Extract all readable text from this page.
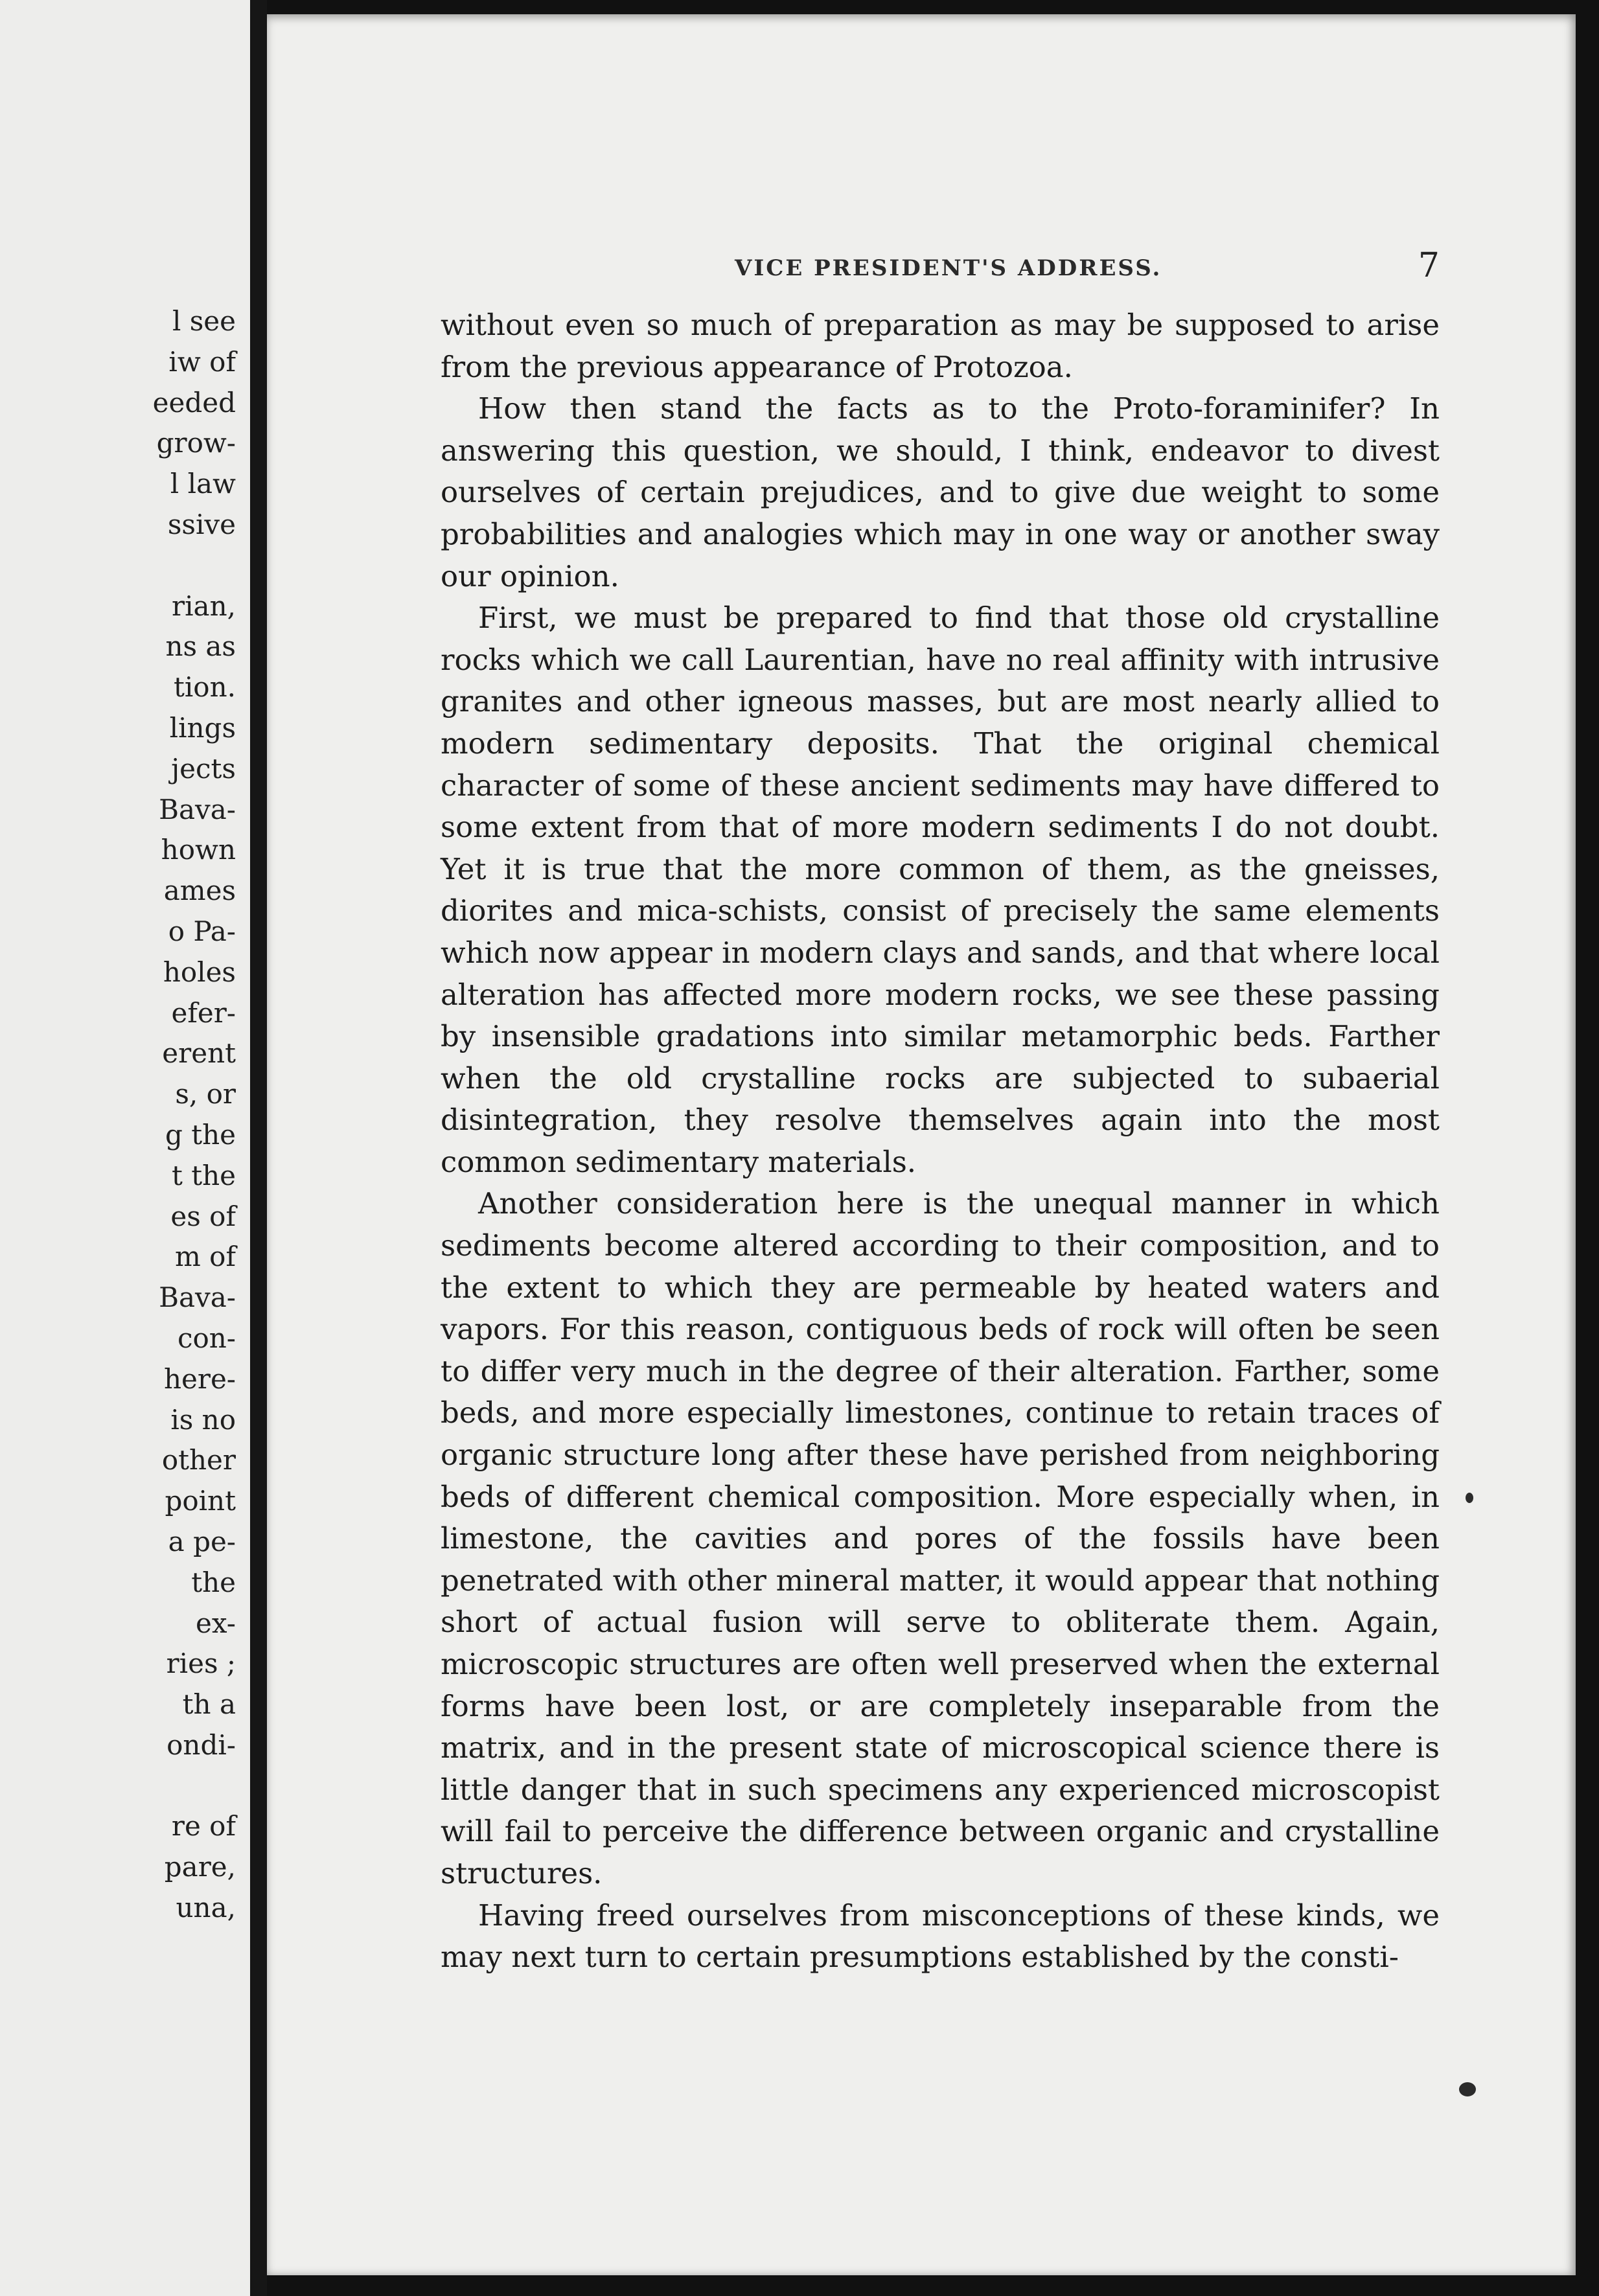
l see
iw of
eeded
grow-
l law
ssive

rian,
ns as
tion.
lings
jects
Bava-
hown
ames
o Pa-
holes
efer-
erent
s, or
g the
t the
es of
m of
Bava-
con-
here-
is no
other
point
a pe-
the
ex-
ries ;
th a
ondi-

re of
pare,
una,
VICE PRESIDENT'S ADDRESS.	7

without even so much of preparation as may be supposed to arise from the previous appearance of Protozoa.

How then stand the facts as to the Proto-foraminifer? In answering this question, we should, I think, endeavor to divest ourselves of certain prejudices, and to give due weight to some probabilities and analogies which may in one way or another sway our opinion.

First, we must be prepared to find that those old crystalline rocks which we call Laurentian, have no real affinity with intrusive granites and other igneous masses, but are most nearly allied to modern sedimentary deposits. That the original chemical character of some of these ancient sediments may have differed to some extent from that of more modern sediments I do not doubt. Yet it is true that the more common of them, as the gneisses, diorites and mica-schists, consist of precisely the same elements which now appear in modern clays and sands, and that where local alteration has affected more modern rocks, we see these passing by insensible gradations into similar metamorphic beds. Farther when the old crystalline rocks are subjected to subaerial disintegration, they resolve themselves again into the most common sedimentary materials.

Another consideration here is the unequal manner in which sediments become altered according to their composition, and to the extent to which they are permeable by heated waters and vapors. For this reason, contiguous beds of rock will often be seen to differ very much in the degree of their alteration. Farther, some beds, and more especially limestones, continue to retain traces of organic structure long after these have perished from neighboring beds of different chemical composition. More especially when, in limestone, the cavities and pores of the fossils have been penetrated with other mineral matter, it would appear that nothing short of actual fusion will serve to obliterate them. Again, microscopic structures are often well preserved when the external forms have been lost, or are completely inseparable from the matrix, and in the present state of microscopical science there is little danger that in such specimens any experienced microscopist will fail to perceive the difference between organic and crystalline structures.

Having freed ourselves from misconceptions of these kinds, we may next turn to certain presumptions established by the consti-
